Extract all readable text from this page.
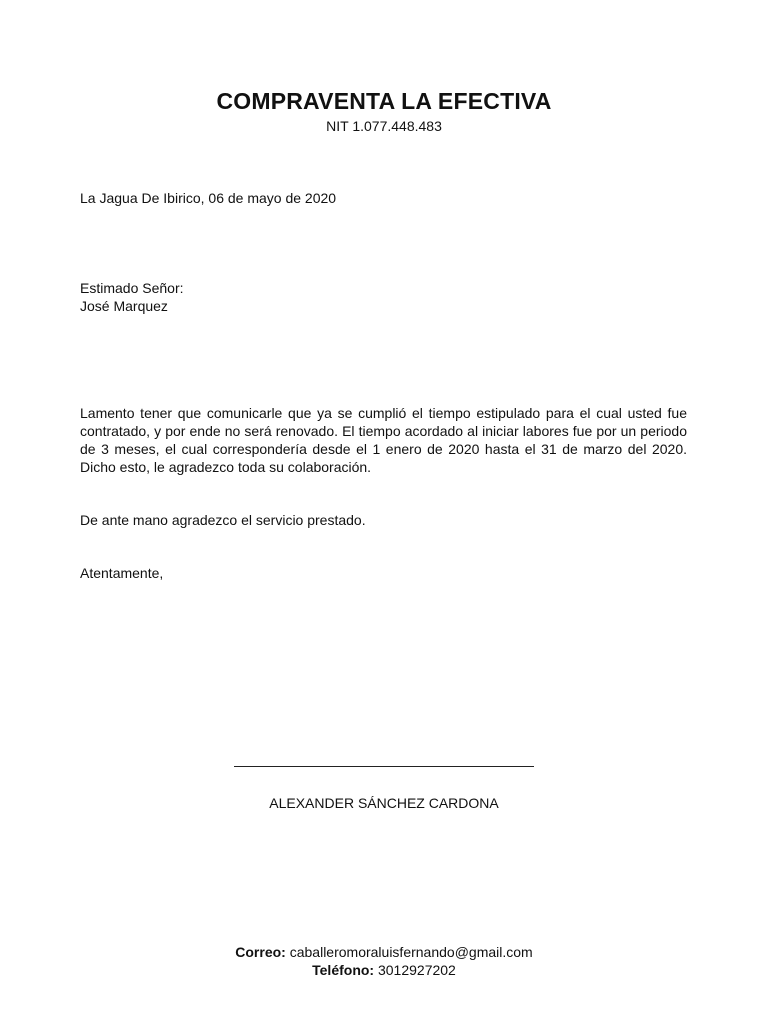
COMPRAVENTA LA EFECTIVA
NIT 1.077.448.483

La Jagua De Ibirico, 06 de mayo de 2020

Estimado Señor:

José Marquez

Lamento tener que comunicarle que ya se cumplió el tiempo estipulado para el cual usted fue contratado, y por ende no será renovado. El tiempo acordado al iniciar labores fue por un periodo de 3 meses, el cual correspondería desde el 1 enero de 2020 hasta el 31 de marzo del 2020. Dicho esto, le agradezco toda su colaboración.

De ante mano agradezco el servicio prestado.

Atentamente,

ALEXANDER SÁNCHEZ CARDONA
Correo: caballeromoraluisfernando@gmail.com
Teléfono: 3012927202
